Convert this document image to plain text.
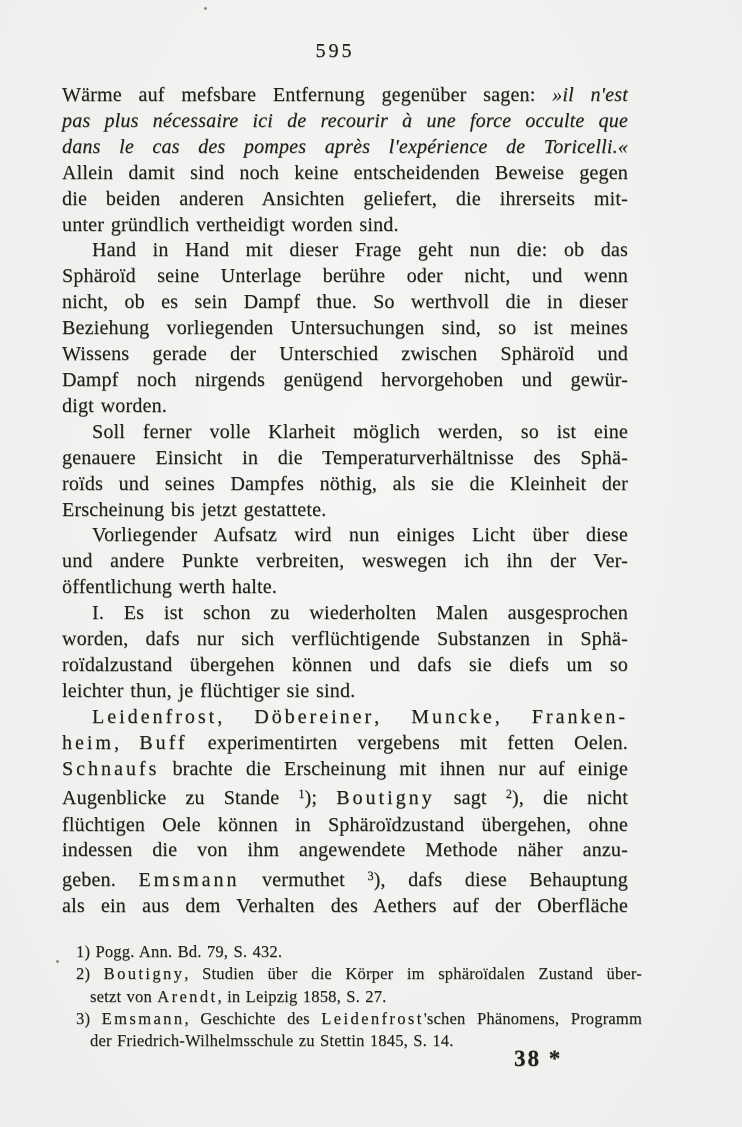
595
Wärme auf mefsbare Entfernung gegenüber sagen: »il n'est
pas plus nécessaire ici de recourir à une force occulte que
dans le cas des pompes après l'expérience de Toricelli.«
Allein damit sind noch keine entscheidenden Beweise gegen
die beiden anderen Ansichten geliefert, die ihrerseits mit-
unter gründlich vertheidigt worden sind.
Hand in Hand mit dieser Frage geht nun die: ob das
Sphäroïd seine Unterlage berühre oder nicht, und wenn
nicht, ob es sein Dampf thue. So werthvoll die in dieser
Beziehung vorliegenden Untersuchungen sind, so ist meines
Wissens gerade der Unterschied zwischen Sphäroïd und
Dampf noch nirgends genügend hervorgehoben und gewür-
digt worden.
Soll ferner volle Klarheit möglich werden, so ist eine
genauere Einsicht in die Temperaturverhältnisse des Sphä-
roïds und seines Dampfes nöthig, als sie die Kleinheit der
Erscheinung bis jetzt gestattete.
Vorliegender Aufsatz wird nun einiges Licht über diese
und andere Punkte verbreiten, weswegen ich ihn der Ver-
öffentlichung werth halte.
I. Es ist schon zu wiederholten Malen ausgesprochen
worden, dafs nur sich verflüchtigende Substanzen in Sphä-
roïdalzustand übergehen können und dafs sie diefs um so
leichter thun, je flüchtiger sie sind.
Leidenfrost, Döbereiner, Muncke, Franken-
heim, Buff experimentirten vergebens mit fetten Oelen.
Schnaufs brachte die Erscheinung mit ihnen nur auf einige
Augenblicke zu Stande $^1$); Boutigny sagt $^2$), die nicht
flüchtigen Oele können in Sphäroïdzustand übergehen, ohne
indessen die von ihm angewendete Methode näher anzu-
geben. Emsmann vermuthet $^3$), dafs diese Behauptung
als ein aus dem Verhalten des Aethers auf der Oberfläche
1) Pogg. Ann. Bd. 79, S. 432.
2) Boutigny, Studien über die Körper im sphäroïdalen Zustand über-
setzt von Arendt, in Leipzig 1858, S. 27.
3) Emsmann, Geschichte des Leidenfrost'schen Phänomens, Programm
der Friedrich-Wilhelmsschule zu Stettin 1845, S. 14.
38 *
